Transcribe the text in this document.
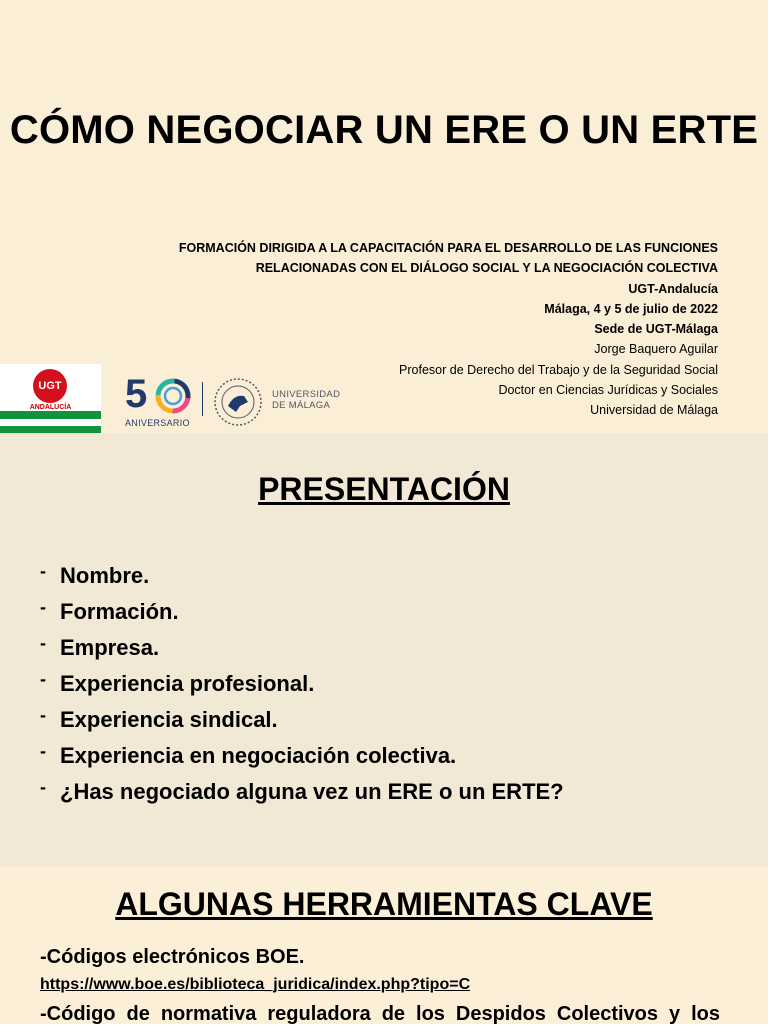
CÓMO NEGOCIAR UN ERE O UN ERTE
FORMACIÓN DIRIGIDA A LA CAPACITACIÓN PARA EL DESARROLLO DE LAS FUNCIONES
RELACIONADAS CON EL DIÁLOGO SOCIAL Y LA NEGOCIACIÓN COLECTIVA
UGT-Andalucía
Málaga, 4 y 5 de julio de 2022
Sede de UGT-Málaga
Jorge Baquero Aguilar
Profesor de Derecho del Trabajo y de la Seguridad Social
Doctor en Ciencias Jurídicas y Sociales
Universidad de Málaga
UGT
ANDALUCÍA	5
ANIVERSARIO
UNIVERSIDAD
DE MÁLAGA
PRESENTACIÓN
- Nombre.
- Formación.
- Empresa.
- Experiencia profesional.
- Experiencia sindical.
- Experiencia en negociación colectiva.
- ¿Has negociado alguna vez un ERE o un ERTE?
ALGUNAS HERRAMIENTAS CLAVE
-Códigos electrónicos BOE.
https://www.boe.es/biblioteca_juridica/index.php?tipo=C
-Código de normativa reguladora de los Despidos Colectivos y los
